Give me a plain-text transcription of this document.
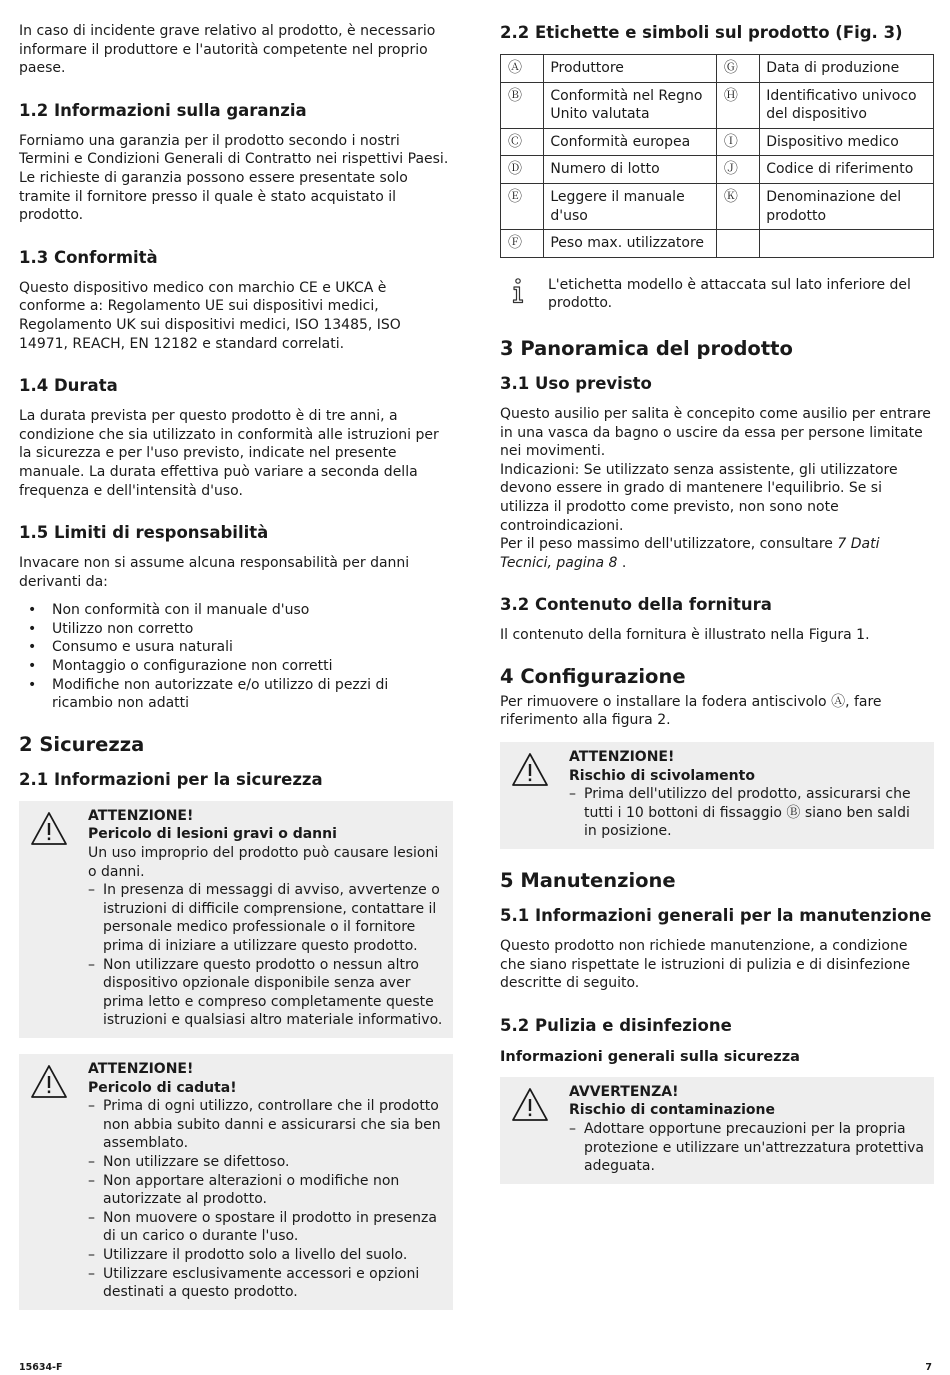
In caso di incidente grave relativo al prodotto, è necessario informare il produttore e l'autorità competente nel proprio paese.

1.2 Informazioni sulla garanzia

Forniamo una garanzia per il prodotto secondo i nostri Termini e Condizioni Generali di Contratto nei rispettivi Paesi. Le richieste di garanzia possono essere presentate solo tramite il fornitore presso il quale è stato acquistato il prodotto.

1.3 Conformità

Questo dispositivo medico con marchio CE e UKCA è conforme a: Regolamento UE sui dispositivi medici, Regolamento UK sui dispositivi medici, ISO 13485, ISO 14971, REACH, EN 12182 e standard correlati.

1.4 Durata

La durata prevista per questo prodotto è di tre anni, a condizione che sia utilizzato in conformità alle istruzioni per la sicurezza e per l'uso previsto, indicate nel presente manuale. La durata effettiva può variare a seconda della frequenza e dell'intensità d'uso.

1.5 Limiti di responsabilità

Invacare non si assume alcuna responsabilità per danni derivanti da:

• Non conformità con il manuale d'uso
• Utilizzo non corretto
• Consumo e usura naturali
• Montaggio o configurazione non corretti
• Modifiche non autorizzate e/o utilizzo di pezzi di ricambio non adatti
2 Sicurezza
2.1 Informazioni per la sicurezza
ATTENZIONE!
Pericolo di lesioni gravi o danni

Un uso improprio del prodotto può causare lesioni o danni.

– In presenza di messaggi di avviso, avvertenze o istruzioni di difficile comprensione, contattare il personale medico professionale o il fornitore prima di iniziare a utilizzare questo prodotto.
– Non utilizzare questo prodotto o nessun altro dispositivo opzionale disponibile senza aver prima letto e compreso completamente queste istruzioni e qualsiasi altro materiale informativo.
ATTENZIONE!
Pericolo di caduta!
– Prima di ogni utilizzo, controllare che il prodotto non abbia subito danni e assicurarsi che sia ben assemblato.
– Non utilizzare se difettoso.
– Non apportare alterazioni o modifiche non autorizzate al prodotto.
– Non muovere o spostare il prodotto in presenza di un carico o durante l'uso.
– Utilizzare il prodotto solo a livello del suolo.
– Utilizzare esclusivamente accessori e opzioni destinati a questo prodotto.
2.2 Etichette e simboli sul prodotto (Fig. 3)
Ⓐ	Produttore	Ⓖ	Data di produzione
Ⓑ	Conformità nel Regno Unito valutata	Ⓗ	Identificativo univoco del dispositivo
Ⓒ	Conformità europea	Ⓘ	Dispositivo medico
Ⓓ	Numero di lotto	Ⓙ	Codice di riferimento
Ⓔ	Leggere il manuale d'uso	Ⓚ	Denominazione del prodotto
Ⓕ	Peso max. utilizzatore		

L'etichetta modello è attaccata sul lato inferiore del prodotto.

3 Panoramica del prodotto
3.1 Uso previsto

Questo ausilio per salita è concepito come ausilio per entrare in una vasca da bagno o uscire da essa per persone limitate nei movimenti.

Indicazioni: Se utilizzato senza assistente, gli utilizzatore devono essere in grado di mantenere l'equilibrio. Se si utilizza il prodotto come previsto, non sono note controindicazioni.

Per il peso massimo dell'utilizzatore, consultare 7 Dati Tecnici, pagina 8 .

3.2 Contenuto della fornitura

Il contenuto della fornitura è illustrato nella Figura 1.

4 Configurazione

Per rimuovere o installare la fodera antiscivolo Ⓐ, fare riferimento alla figura 2.

ATTENZIONE!
Rischio di scivolamento
– Prima dell'utilizzo del prodotto, assicurarsi che tutti i 10 bottoni di fissaggio Ⓑ siano ben saldi in posizione.
5 Manutenzione
5.1 Informazioni generali per la manutenzione

Questo prodotto non richiede manutenzione, a condizione che siano rispettate le istruzioni di pulizia e di disinfezione descritte di seguito.

5.2 Pulizia e disinfezione
Informazioni generali sulla sicurezza
AVVERTENZA!
Rischio di contaminazione
– Adottare opportune precauzioni per la propria protezione e utilizzare un'attrezzatura protettiva adeguata.
15634-F	7
